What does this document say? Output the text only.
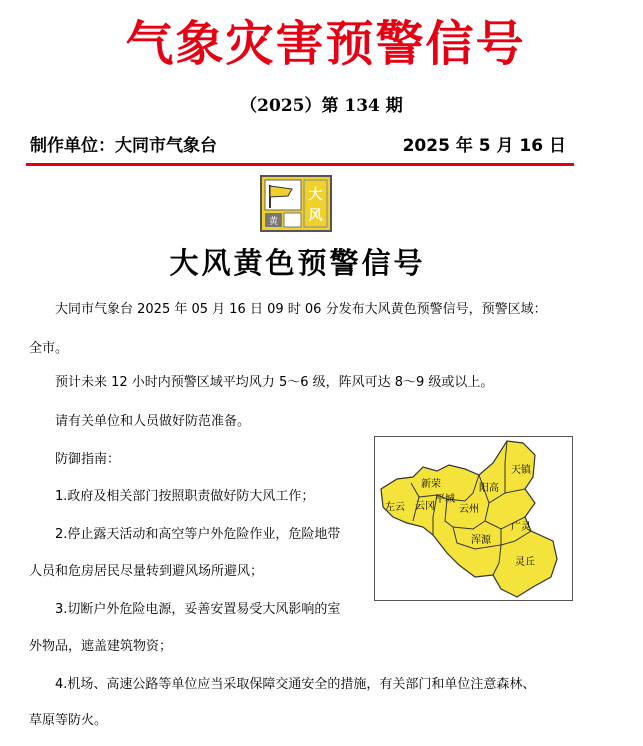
气象灾害预警信号
（2025）第 134 期
制作单位：大同市气象台	2025 年 5 月 16 日
大
风
黄
大风黄色预警信号
大同市气象台 2025 年 05 月 16 日 09 时 06 分发布大风黄色预警信号，预警区域：
全市。
预计未来 12 小时内预警区域平均风力 5～6 级，阵风可达 8～9 级或以上。
请有关单位和人员做好防范准备。
防御指南：
1.政府及相关部门按照职责做好防大风工作；
2.停止露天活动和高空等户外危险作业，危险地带
人员和危房居民尽量转到避风场所避风；
3.切断户外危险电源，妥善安置易受大风影响的室
外物品，遮盖建筑物资；
4.机场、高速公路等单位应当采取保障交通安全的措施，有关部门和单位注意森林、
草原等防火。
天镇
新荣	阳高
左云 云冈
平城
云州
广灵
浑源
灵丘
